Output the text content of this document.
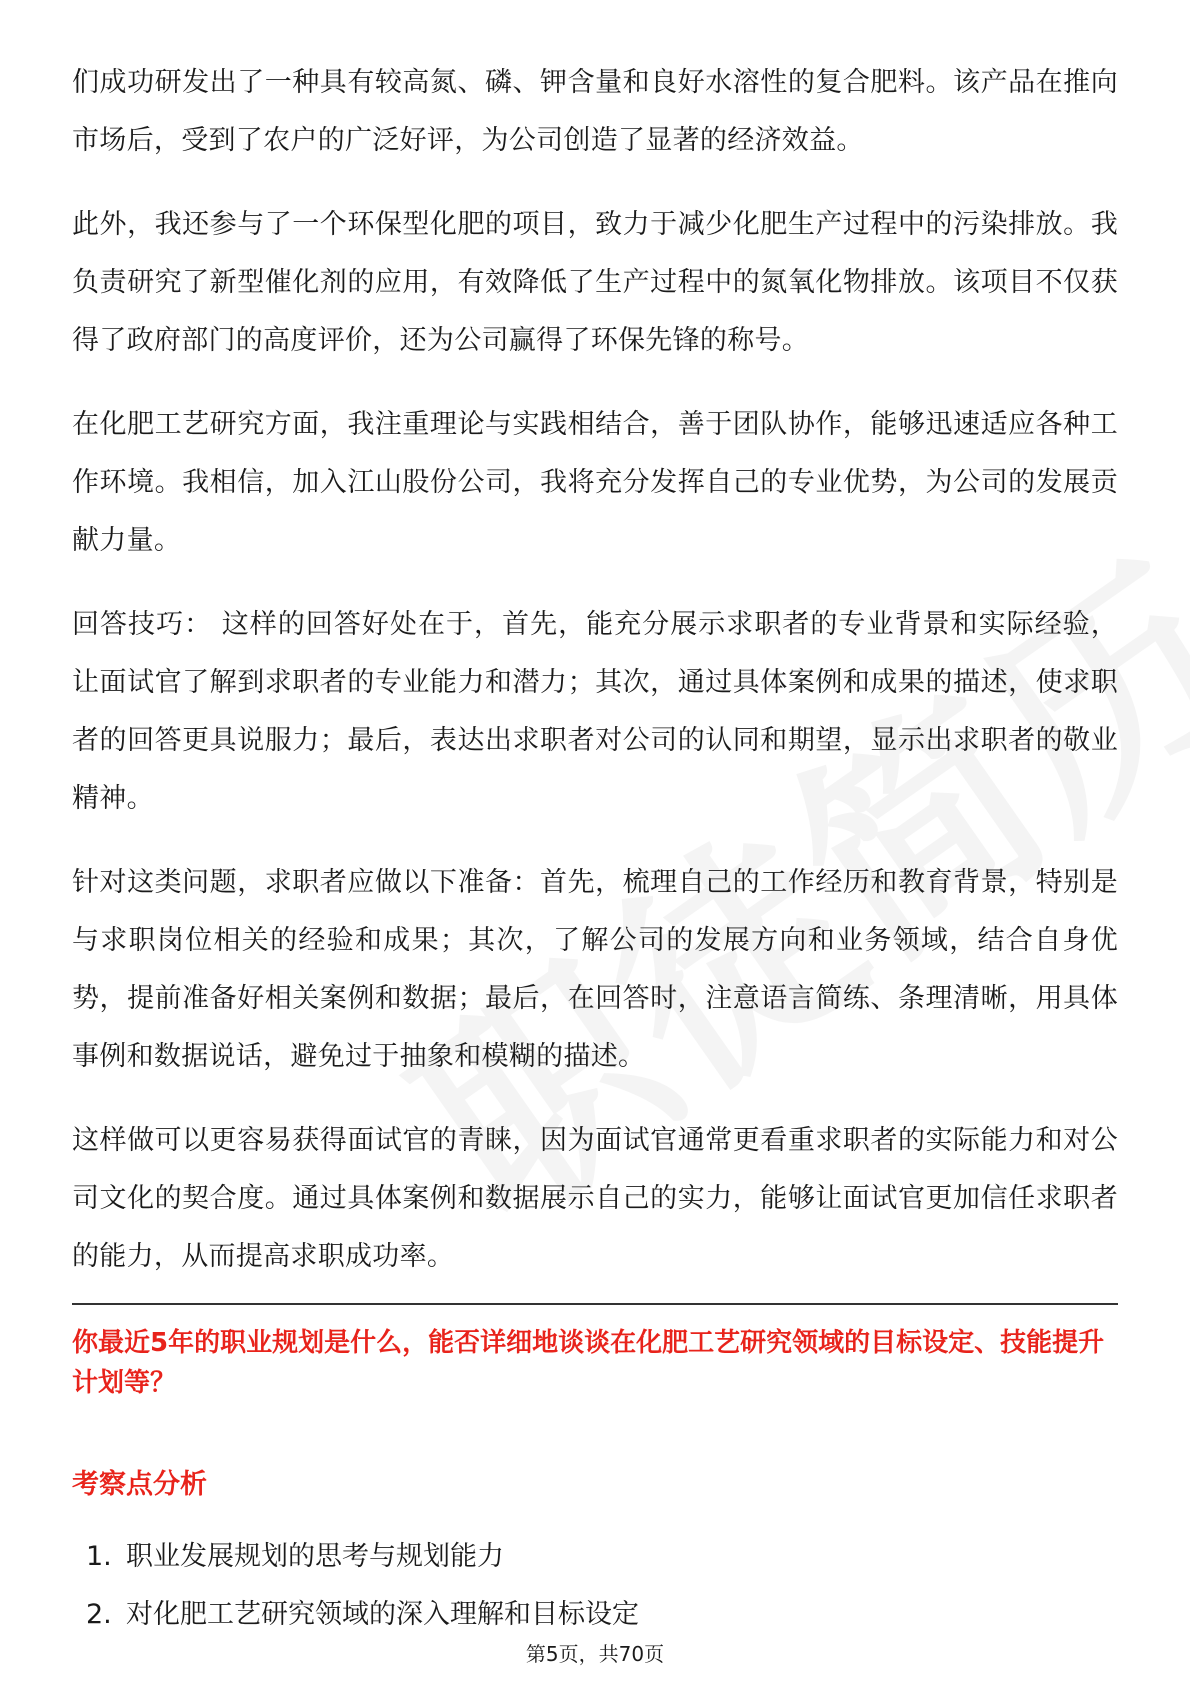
们成功研发出了一种具有较高氮、磷、钾含量和良好水溶性的复合肥料。该产品在推向市场后，受到了农户的广泛好评，为公司创造了显著的经济效益。

此外，我还参与了一个环保型化肥的项目，致力于减少化肥生产过程中的污染排放。我负责研究了新型催化剂的应用，有效降低了生产过程中的氮氧化物排放。该项目不仅获得了政府部门的高度评价，还为公司赢得了环保先锋的称号。

在化肥工艺研究方面，我注重理论与实践相结合，善于团队协作，能够迅速适应各种工作环境。我相信，加入江山股份公司，我将充分发挥自己的专业优势，为公司的发展贡献力量。

回答技巧： 这样的回答好处在于，首先，能充分展示求职者的专业背景和实际经验，让面试官了解到求职者的专业能力和潜力；其次，通过具体案例和成果的描述，使求职者的回答更具说服力；最后，表达出求职者对公司的认同和期望，显示出求职者的敬业精神。

针对这类问题，求职者应做以下准备：首先，梳理自己的工作经历和教育背景，特别是与求职岗位相关的经验和成果；其次，了解公司的发展方向和业务领域，结合自身优势，提前准备好相关案例和数据；最后，在回答时，注意语言简练、条理清晰，用具体事例和数据说话，避免过于抽象和模糊的描述。

这样做可以更容易获得面试官的青睐，因为面试官通常更看重求职者的实际能力和对公司文化的契合度。通过具体案例和数据展示自己的实力，能够让面试官更加信任求职者的能力，从而提高求职成功率。

你最近5年的职业规划是什么，能否详细地谈谈在化肥工艺研究领域的目标设定、技能提升计划等？
考察点分析
1. 职业发展规划的思考与规划能力
2. 对化肥工艺研究领域的深入理解和目标设定
第5页，共70页
